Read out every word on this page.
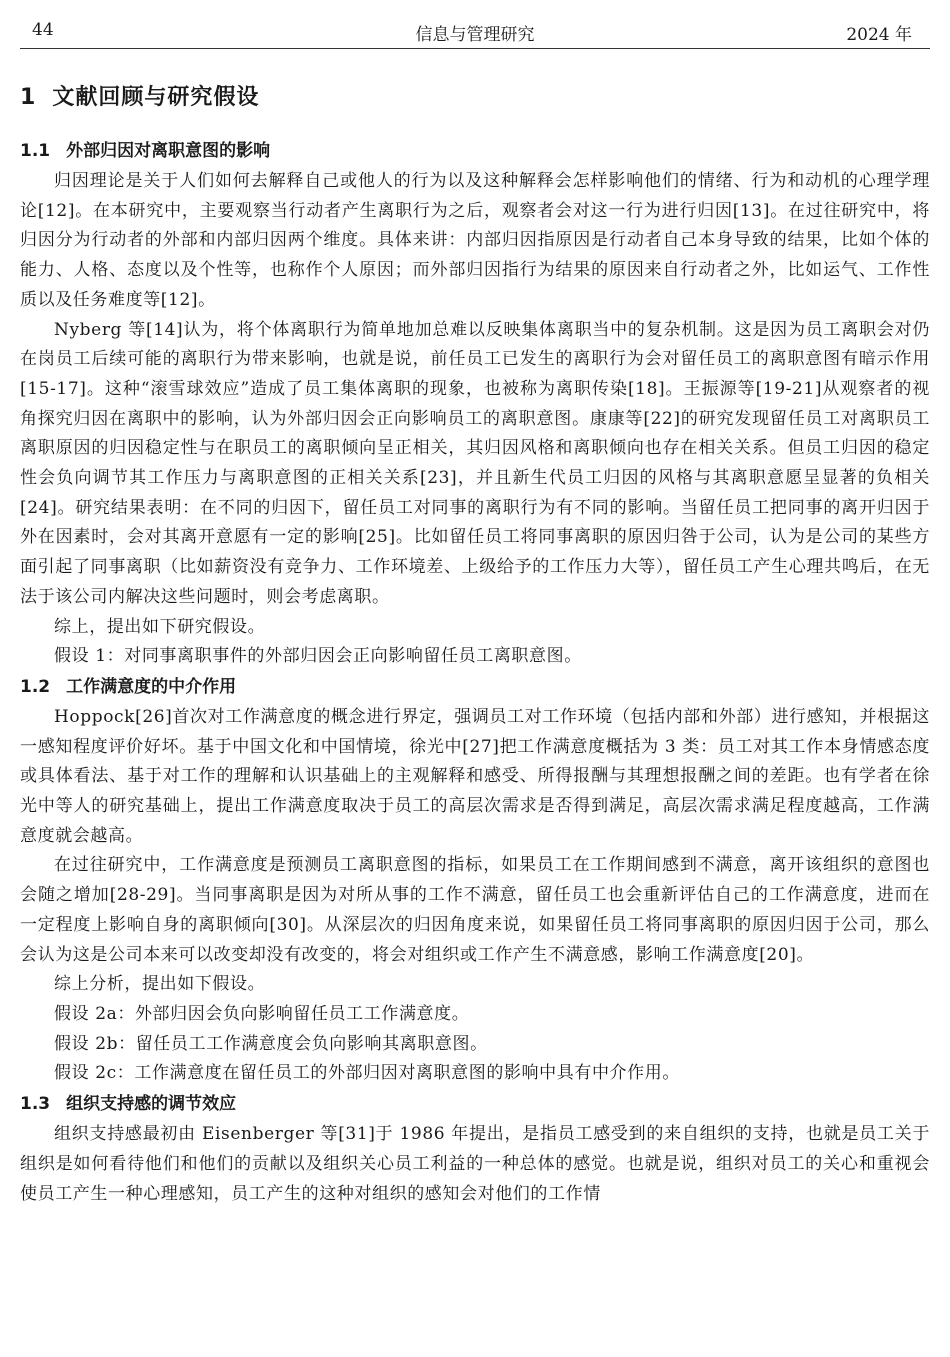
44	信息与管理研究	2024 年
1 文献回顾与研究假设
1.1 外部归因对离职意图的影响

归因理论是关于人们如何去解释自己或他人的行为以及这种解释会怎样影响他们的情绪、行为和动机的心理学理论[12]。在本研究中，主要观察当行动者产生离职行为之后，观察者会对这一行为进行归因[13]。在过往研究中，将归因分为行动者的外部和内部归因两个维度。具体来讲：内部归因指原因是行动者自己本身导致的结果，比如个体的能力、人格、态度以及个性等，也称作个人原因；而外部归因指行为结果的原因来自行动者之外，比如运气、工作性质以及任务难度等[12]。

Nyberg 等[14]认为，将个体离职行为简单地加总难以反映集体离职当中的复杂机制。这是因为员工离职会对仍在岗员工后续可能的离职行为带来影响，也就是说，前任员工已发生的离职行为会对留任员工的离职意图有暗示作用[15-17]。这种“滚雪球效应”造成了员工集体离职的现象，也被称为离职传染[18]。王振源等[19-21]从观察者的视角探究归因在离职中的影响，认为外部归因会正向影响员工的离职意图。康康等[22]的研究发现留任员工对离职员工离职原因的归因稳定性与在职员工的离职倾向呈正相关，其归因风格和离职倾向也存在相关关系。但员工归因的稳定性会负向调节其工作压力与离职意图的正相关关系[23]，并且新生代员工归因的风格与其离职意愿呈显著的负相关[24]。研究结果表明：在不同的归因下，留任员工对同事的离职行为有不同的影响。当留任员工把同事的离开归因于外在因素时，会对其离开意愿有一定的影响[25]。比如留任员工将同事离职的原因归咎于公司，认为是公司的某些方面引起了同事离职（比如薪资没有竞争力、工作环境差、上级给予的工作压力大等），留任员工产生心理共鸣后，在无法于该公司内解决这些问题时，则会考虑离职。

综上，提出如下研究假设。

假设 1：对同事离职事件的外部归因会正向影响留任员工离职意图。

1.2 工作满意度的中介作用

Hoppock[26]首次对工作满意度的概念进行界定，强调员工对工作环境（包括内部和外部）进行感知，并根据这一感知程度评价好坏。基于中国文化和中国情境，徐光中[27]把工作满意度概括为 3 类：员工对其工作本身情感态度或具体看法、基于对工作的理解和认识基础上的主观解释和感受、所得报酬与其理想报酬之间的差距。也有学者在徐光中等人的研究基础上，提出工作满意度取决于员工的高层次需求是否得到满足，高层次需求满足程度越高，工作满意度就会越高。

在过往研究中，工作满意度是预测员工离职意图的指标，如果员工在工作期间感到不满意，离开该组织的意图也会随之增加[28-29]。当同事离职是因为对所从事的工作不满意，留任员工也会重新评估自己的工作满意度，进而在一定程度上影响自身的离职倾向[30]。从深层次的归因角度来说，如果留任员工将同事离职的原因归因于公司，那么会认为这是公司本来可以改变却没有改变的，将会对组织或工作产生不满意感，影响工作满意度[20]。

综上分析，提出如下假设。

假设 2a：外部归因会负向影响留任员工工作满意度。

假设 2b：留任员工工作满意度会负向影响其离职意图。

假设 2c：工作满意度在留任员工的外部归因对离职意图的影响中具有中介作用。

1.3 组织支持感的调节效应

组织支持感最初由 Eisenberger 等[31]于 1986 年提出，是指员工感受到的来自组织的支持，也就是员工关于组织是如何看待他们和他们的贡献以及组织关心员工利益的一种总体的感觉。也就是说，组织对员工的关心和重视会使员工产生一种心理感知，员工产生的这种对组织的感知会对他们的工作情
